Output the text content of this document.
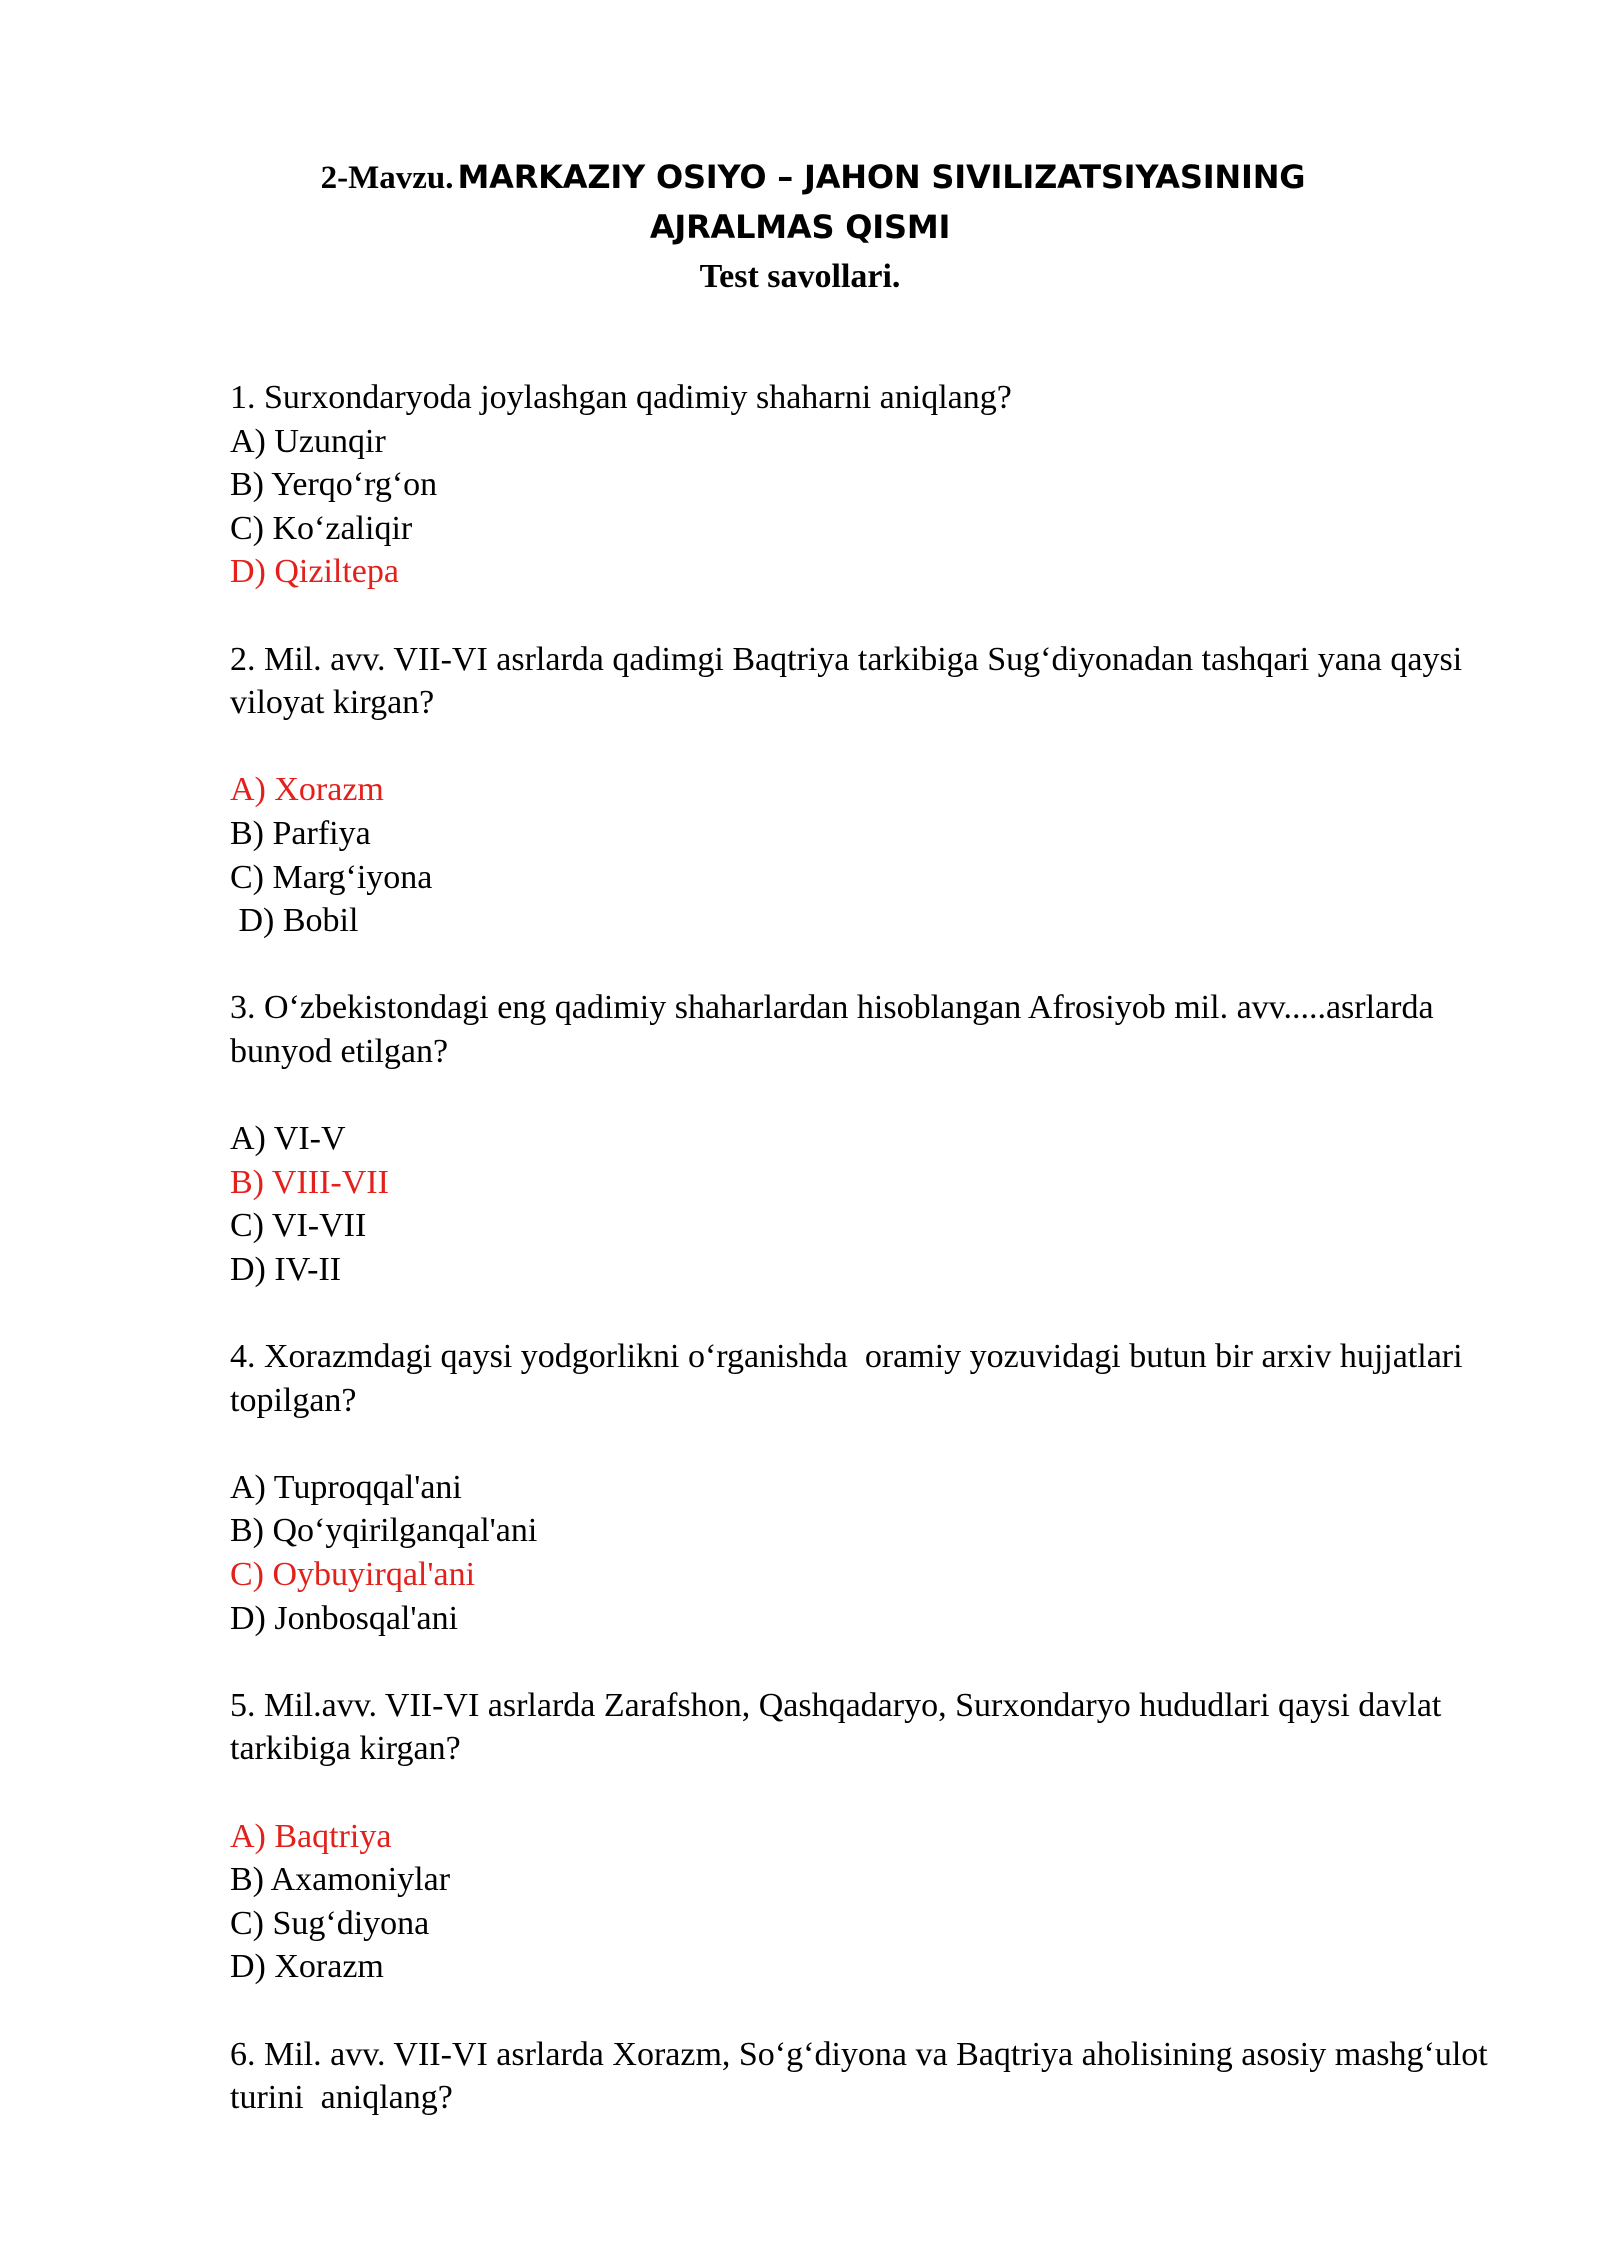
2-Mavzu. MARKAZIY OSIYO – JAHON SIVILIZATSIYASINING
AJRALMAS QISMI
Test savollari.

1. Surxondaryoda joylashgan qadimiy shaharni aniqlang?

A) Uzunqir

B) Yerqo‘rg‘on

C) Ko‘zaliqir

D) Qiziltepa

2. Mil. avv. VII-VI asrlarda qadimgi Baqtriya tarkibiga Sug‘diyonadan tashqari yana qaysi viloyat kirgan?

A) Xorazm

B) Parfiya

C) Marg‘iyona

D) Bobil

3. O‘zbekistondagi eng qadimiy shaharlardan hisoblangan Afrosiyob mil. avv.....asrlarda bunyod etilgan?

A) VI-V

B) VIII-VII

C) VI-VII

D) IV-II

4. Xorazmdagi qaysi yodgorlikni o‘rganishda  oramiy yozuvidagi butun bir arxiv hujjatlari topilgan?

A) Tuproqqal'ani

B) Qo‘yqirilganqal'ani

C) Oybuyirqal'ani

D) Jonbosqal'ani

5. Mil.avv. VII-VI asrlarda Zarafshon, Qashqadaryo, Surxondaryo hududlari qaysi davlat tarkibiga kirgan?

A) Baqtriya

B) Axamoniylar

C) Sug‘diyona

D) Xorazm

6. Mil. avv. VII-VI asrlarda Xorazm, So‘g‘diyona va Baqtriya aholisining asosiy mashg‘ulot turini  aniqlang?
